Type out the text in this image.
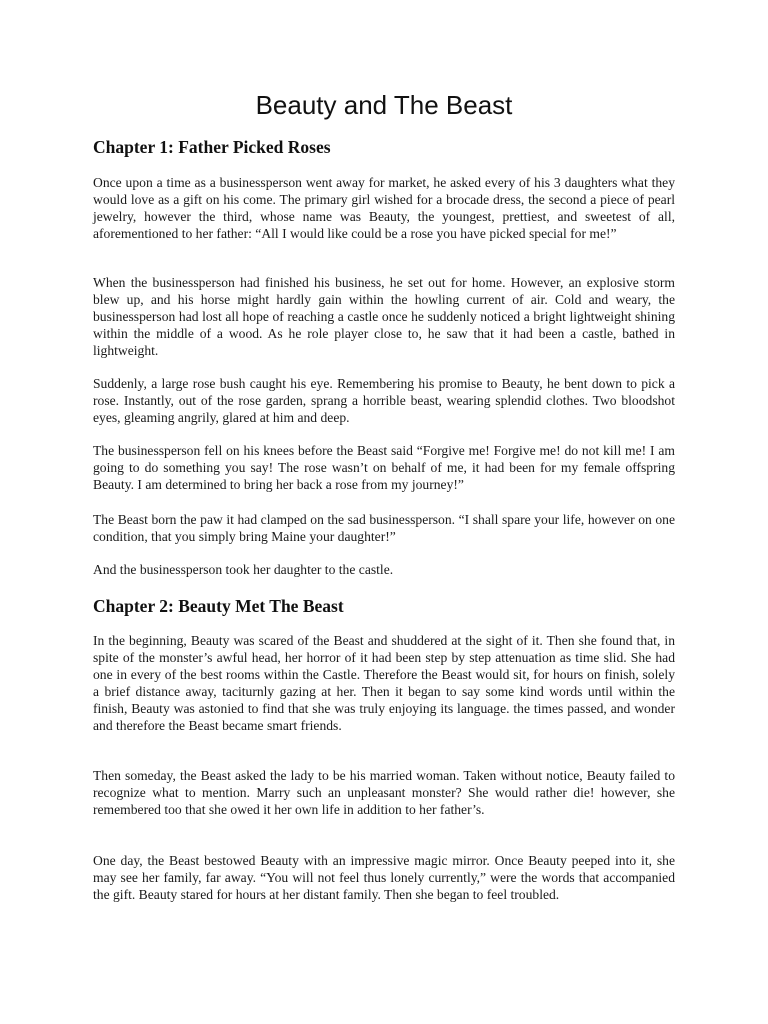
Beauty and The Beast
Chapter 1: Father Picked Roses

Once upon a time as a businessperson went away for market, he asked every of his 3 daughters what they would love as a gift on his come. The primary girl wished for a brocade dress, the second a piece of pearl jewelry, however the third, whose name was Beauty, the youngest, prettiest, and sweetest of all, aforementioned to her father: “All I would like could be a rose you have picked special for me!”

When the businessperson had finished his business, he set out for home. However, an explosive storm blew up, and his horse might hardly gain within the howling current of air. Cold and weary, the businessperson had lost all hope of reaching a castle once he suddenly noticed a bright lightweight shining within the middle of a wood. As he role player close to, he saw that it had been a castle, bathed in lightweight.

Suddenly, a large rose bush caught his eye. Remembering his promise to Beauty, he bent down to pick a rose. Instantly, out of the rose garden, sprang a horrible beast, wearing splendid clothes. Two bloodshot eyes, gleaming angrily, glared at him and deep.

The businessperson fell on his knees before the Beast said “Forgive me! Forgive me! do not kill me! I am going to do something you say! The rose wasn’t on behalf of me, it had been for my female offspring Beauty. I am determined to bring her back a rose from my journey!”

The Beast born the paw it had clamped on the sad businessperson. “I shall spare your life, however on one condition, that you simply bring Maine your daughter!”

And the businessperson took her daughter to the castle.

Chapter 2: Beauty Met The Beast

In the beginning, Beauty was scared of the Beast and shuddered at the sight of it. Then she found that, in spite of the monster’s awful head, her horror of it had been step by step attenuation as time slid. She had one in every of the best rooms within the Castle. Therefore the Beast would sit, for hours on finish, solely a brief distance away, taciturnly gazing at her. Then it began to say some kind words until within the finish, Beauty was astonied to find that she was truly enjoying its language. the times passed, and wonder and therefore the Beast became smart friends.

Then someday, the Beast asked the lady to be his married woman. Taken without notice, Beauty failed to recognize what to mention. Marry such an unpleasant monster? She would rather die! however, she remembered too that she owed it her own life in addition to her father’s.

One day, the Beast bestowed Beauty with an impressive magic mirror. Once Beauty peeped into it, she may see her family, far away. “You will not feel thus lonely currently,” were the words that accompanied the gift. Beauty stared for hours at her distant family. Then she began to feel troubled.
